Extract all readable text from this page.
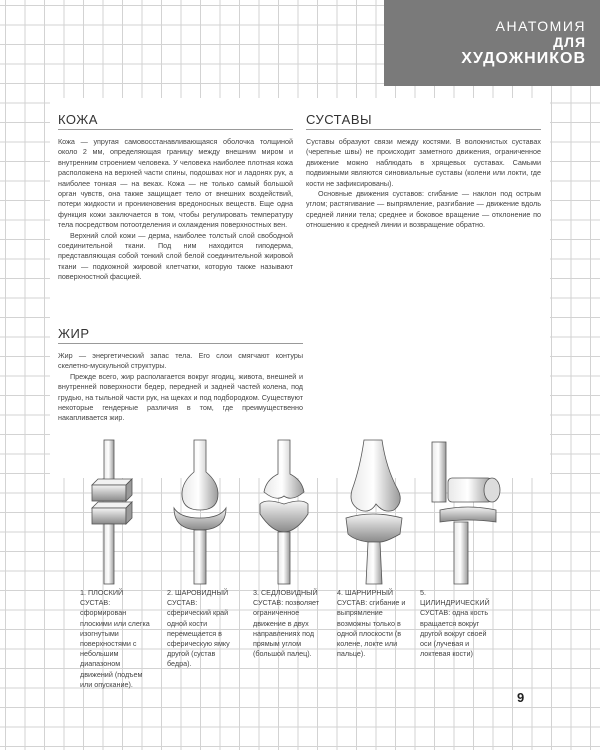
АНАТОМИЯ
ДЛЯ
ХУДОЖНИКОВ
КОЖА

Кожа — упругая самовосстанавливающаяся оболочка толщиной около 2 мм, определяющая границу между внешним миром и внутренним строением человека. У человека наиболее плотная кожа расположена на верхней части спины, подошвах ног и ладонях рук, а наиболее тонкая — на веках. Кожа — не только самый большой орган чувств, она также защищает тело от внешних воздействий, потери жидкости и проникновения вредоносных веществ. Еще одна функция кожи заключается в том, чтобы регулировать температуру тела посредством потоотделения и охлаждения поверхностных вен.

Верхний слой кожи — дерма, наиболее толстый слой свободной соединительной ткани. Под ним находится гиподерма, представляющая собой тонкий слой белой соединительной жировой ткани — подкожной жировой клетчатки, которую также называют поверхностной фасцией.

СУСТАВЫ

Суставы образуют связи между костями. В волокнистых суставах (черепные швы) не происходит заметного движения, ограниченное движение можно наблюдать в хрящевых суставах. Самыми подвижными являются синовиальные суставы (колени или локти, где кости не зафиксированы).

Основные движения суставов: сгибание — наклон под острым углом; растягивание — выпрямление, разгибание — движение вдоль средней линии тела; среднее и боковое вращение — отклонение по отношению к средней линии и возвращение обратно.

ЖИР

Жир — энергетический запас тела. Его слои смягчают контуры скелетно-мускульной структуры.

Прежде всего, жир располагается вокруг ягодиц, живота, внешней и внутренней поверхности бедер, передней и задней частей колена, под грудью, на тыльной части рук, на щеках и под подбородком. Существуют некоторые гендерные различия в том, где преимущественно накапливается жир.

1. ПЛОСКИЙ СУСТАВ: сформирован плоскими или слегка изогнутыми поверхностями с небольшим диапазоном движений (подъем или опускание).
2. ШАРОВИДНЫЙ СУСТАВ: сферический край одной кости перемещается в сферическую ямку другой (сустав бедра).
3. СЕДЛОВИДНЫЙ СУСТАВ: позволяет ограниченное движение в двух направлениях под прямым углом (большой палец).
4. ШАРНИРНЫЙ СУСТАВ: сгибание и выпрямление возможны только в одной плоскости (в колене, локте или пальце).
5. ЦИЛИНДРИЧЕСКИЙ СУСТАВ: одна кость вращается вокруг другой вокруг своей оси (лучевая и локтевая кости)
9
